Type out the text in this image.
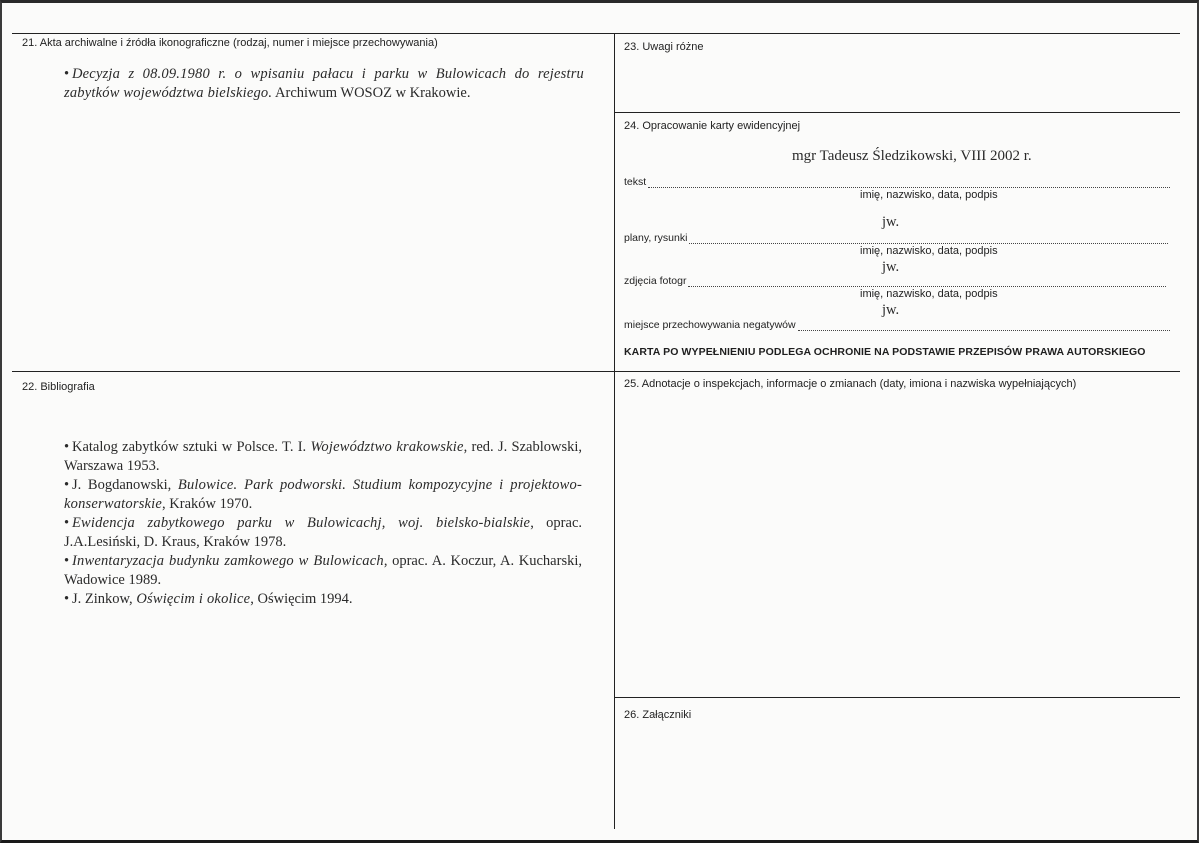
21. Akta archiwalne i źródła ikonograficzne (rodzaj, numer i miejsce przechowywania)
• Decyzja z 08.09.1980 r. o wpisaniu pałacu i parku w Bulowicach do rejestru zabytków województwa bielskiego. Archiwum WOSOZ w Krakowie.
22. Bibliografia
• Katalog zabytków sztuki w Polsce. T. I. Województwo krakowskie, red. J. Szablowski, Warszawa 1953.
• J. Bogdanowski, Bulowice. Park podworski. Studium kompozycyjne i projektowo-konserwatorskie, Kraków 1970.
• Ewidencja zabytkowego parku w Bulowicachj, woj. bielsko-bialskie, oprac. J.A.Lesiński, D. Kraus, Kraków 1978.
• Inwentaryzacja budynku zamkowego w Bulowicach, oprac. A. Koczur, A. Kucharski, Wadowice 1989.
• J. Zinkow, Oświęcim i okolice, Oświęcim 1994.
23. Uwagi różne
24. Opracowanie karty ewidencyjnej
mgr Tadeusz Śledzikowski, VIII 2002 r.
tekst
imię, nazwisko, data, podpis
jw.
plany, rysunki
imię, nazwisko, data, podpis
jw.
zdjęcia fotogr
imię, nazwisko, data, podpis
jw.
miejsce przechowywania negatywów
KARTA PO WYPEŁNIENIU PODLEGA OCHRONIE NA PODSTAWIE PRZEPISÓW PRAWA AUTORSKIEGO
25. Adnotacje o inspekcjach, informacje o zmianach (daty, imiona i nazwiska wypełniających)
26. Załączniki
